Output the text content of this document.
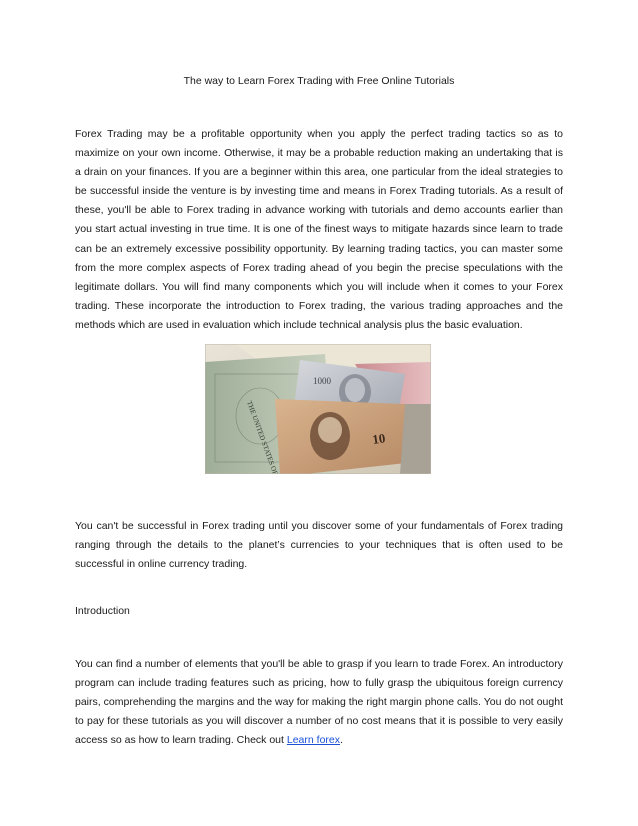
The way to Learn Forex Trading with Free Online Tutorials

Forex Trading may be a profitable opportunity when you apply the perfect trading tactics so as to maximize on your own income. Otherwise, it may be a probable reduction making an undertaking that is a drain on your finances. If you are a beginner within this area, one particular from the ideal strategies to be successful inside the venture is by investing time and means in Forex Trading tutorials. As a result of these, you'll be able to Forex trading in advance working with tutorials and demo accounts earlier than you start actual investing in true time. It is one of the finest ways to mitigate hazards since learn to trade can be an extremely excessive possibility opportunity. By learning trading tactics, you can master some from the more complex aspects of Forex trading ahead of you begin the precise speculations with the legitimate dollars. You will find many components which you will include when it comes to your Forex trading. These incorporate the introduction to Forex trading, the various trading approaches and the methods which are used in evaluation which include technical analysis plus the basic evaluation.

1000
10

You can't be successful in Forex trading until you discover some of your fundamentals of Forex trading ranging through the details to the planet’s currencies to your techniques that is often used to be successful in online currency trading.

Introduction

You can find a number of elements that you'll be able to grasp if you learn to trade Forex. An introductory program can include trading features such as pricing, how to fully grasp the ubiquitous foreign currency pairs, comprehending the margins and the way for making the right margin phone calls. You do not ought to pay for these tutorials as you will discover a number of no cost means that it is possible to very easily access so as how to learn trading. Check out Learn forex.
